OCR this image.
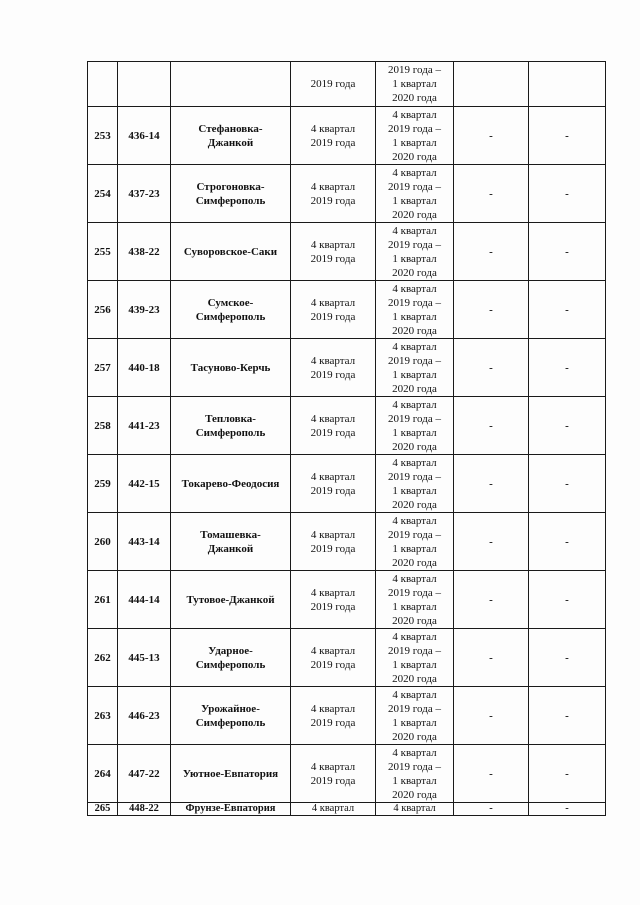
			2019 года	2019 года –
1 квартал
2020 года		

253	436-14	Стефановка-
Джанкой	4 квартал
2019 года	4 квартал
2019 года –
1 квартал
2020 года	-	-

254	437-23	Строгоновка-
Симферополь	4 квартал
2019 года	4 квартал
2019 года –
1 квартал
2020 года	-	-

255	438-22	Суворовское-Саки	4 квартал
2019 года	4 квартал
2019 года –
1 квартал
2020 года	-	-

256	439-23	Сумское-
Симферополь	4 квартал
2019 года	4 квартал
2019 года –
1 квартал
2020 года	-	-

257	440-18	Тасуново-Керчь	4 квартал
2019 года	4 квартал
2019 года –
1 квартал
2020 года	-	-

258	441-23	Тепловка-
Симферополь	4 квартал
2019 года	4 квартал
2019 года –
1 квартал
2020 года	-	-

259	442-15	Токарево-Феодосия	4 квартал
2019 года	4 квартал
2019 года –
1 квартал
2020 года	-	-

260	443-14	Томашевка-
Джанкой	4 квартал
2019 года	4 квартал
2019 года –
1 квартал
2020 года	-	-

261	444-14	Тутовое-Джанкой	4 квартал
2019 года	4 квартал
2019 года –
1 квартал
2020 года	-	-

262	445-13	Ударное-
Симферополь	4 квартал
2019 года	4 квартал
2019 года –
1 квартал
2020 года	-	-

263	446-23	Урожайное-
Симферополь	4 квартал
2019 года	4 квартал
2019 года –
1 квартал
2020 года	-	-

264	447-22	Уютное-Евпатория	4 квартал
2019 года	4 квартал
2019 года –
1 квартал
2020 года	-	-

265	448-22	Фрунзе-Евпатория	4 квартал	4 квартал	-	-
